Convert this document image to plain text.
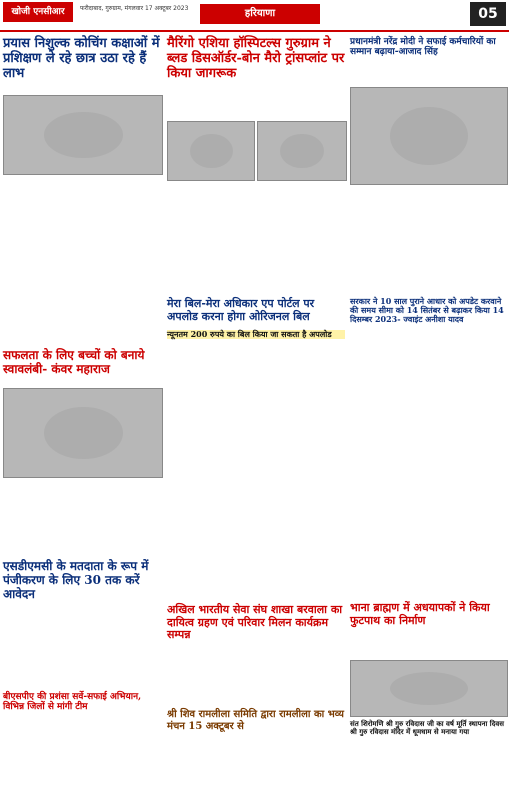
खोजी एनसीआर	फरीदाबाद, गुरुग्राम, मंगलवार 17 अक्टूबर 2023	हरियाणा	05
प्रयास निशुल्क कोचिंग कक्षाओं में प्रशिक्षण ले रहे छात्र उठा रहे हैं लाभ
सफलता के लिए बच्चों को बनाये स्वावलंबी- कंवर महाराज
एसडीएमसी के मतदाता के रूप में पंजीकरण के लिए 30 तक करें आवेदन
बीएसपीए की प्रशंसा सर्वे-सफाई अभियान, विभिन्न जिलों से मांगी टीम
मैरिंगो एशिया हॉस्पिटल्स गुरुग्राम ने ब्लड डिसऑर्डर-बोन मैरो ट्रांसप्लांट पर किया जागरूक
मेरा बिल-मेरा अधिकार एप पोर्टल पर अपलोड करना होगा ओरिजनल बिल
न्यूनतम 200 रुपये का बिल किया जा सकता है अपलोड
अखिल भारतीय सेवा संघ शाखा बरवाला का दायित्व ग्रहण एवं परिवार मिलन कार्यक्रम सम्पन्न
श्री शिव रामलीला समिति द्वारा रामलीला का भव्य मंचन 15 अक्टूबर से
प्रधानमंत्री नरेंद्र मोदी ने सफाई कर्मचारियों का सम्मान बढ़ाया-आजाद सिंह
सरकार ने 10 साल पुराने आधार को अपडेट करवाने की समय सीमा को 14 सितंबर से बढ़ाकर किया 14 दिसम्बर 2023- ज्वाइंट अनीशा यादव
भाना ब्राह्मण में अधयापकों ने किया फुटपाथ का निर्माण
संत शिरोमणि श्री गुरु रविदास जी का वर्ष मूर्ति स्थापना दिवस श्री गुरु रविदास मंदिर में धूमधाम से मनाया गया
